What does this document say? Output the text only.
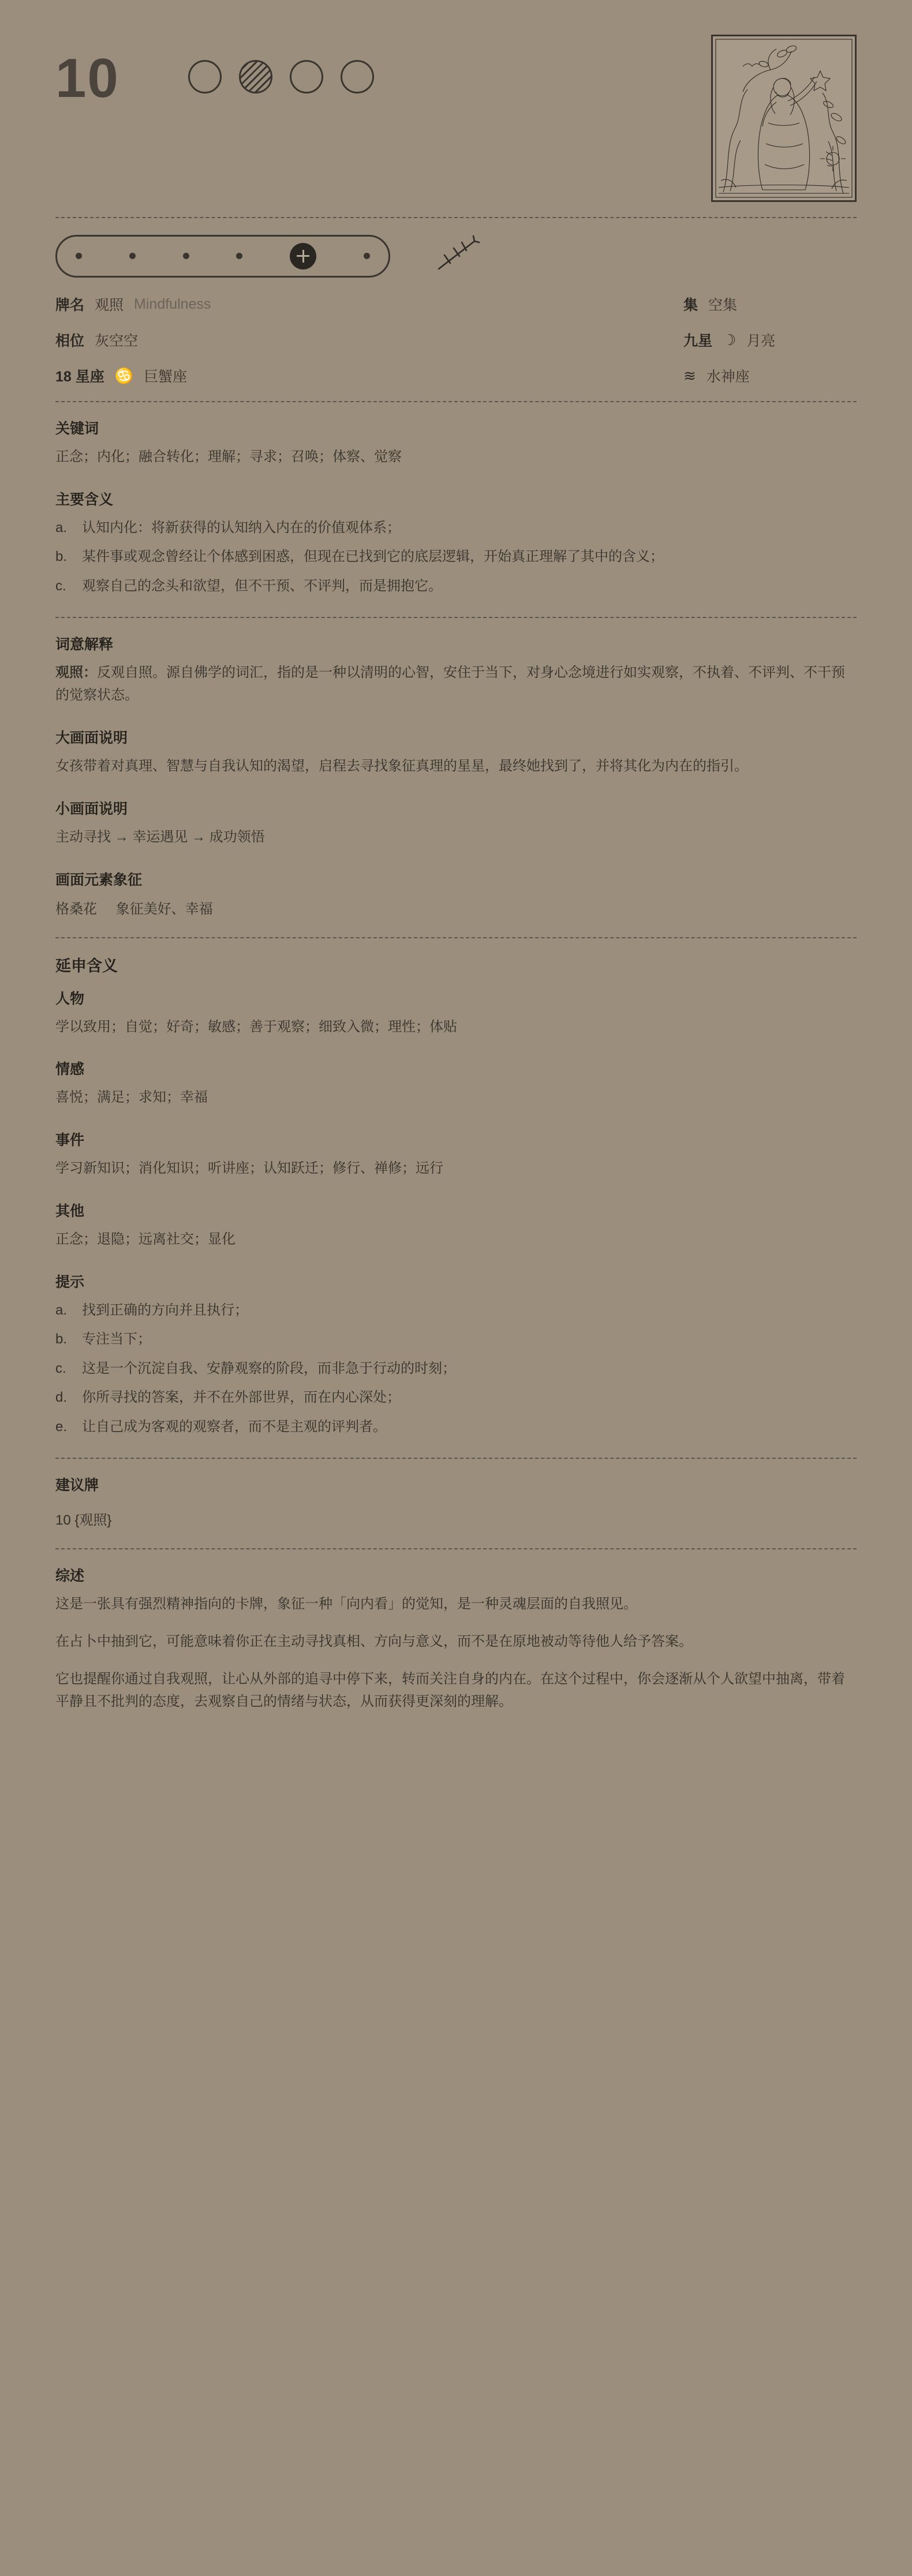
10
牌名 观照 Mindfulness	集 空集
相位 灰空空	九星 ☽ 月亮
18 星座 ♋ 巨蟹座	≋ 水神座
关键词

正念；内化；融合转化；理解；寻求；召唤；体察、觉察

主要含义
a.	认知内化：将新获得的认知纳入内在的价值观体系；
b.	某件事或观念曾经让个体感到困惑，但现在已找到它的底层逻辑，开始真正理解了其中的含义；
c.	观察自己的念头和欲望，但不干预、不评判，而是拥抱它。
词意解释

观照：反观自照。源自佛学的词汇，指的是一种以清明的心智，安住于当下，对身心念境进行如实观察，不执着、不评判、不干预的觉察状态。

大画面说明

女孩带着对真理、智慧与自我认知的渴望，启程去寻找象征真理的星星，最终她找到了，并将其化为内在的指引。

小画面说明

主动寻找 → 幸运遇见 → 成功领悟

画面元素象征
格桑花 象征美好、幸福
延申含义
人物

学以致用；自觉；好奇；敏感；善于观察；细致入微；理性；体贴

情感

喜悦；满足；求知；幸福

事件

学习新知识；消化知识；听讲座；认知跃迁；修行、禅修；远行

其他

正念；退隐；远离社交；显化

提示
a.	找到正确的方向并且执行；
b.	专注当下；
c.	这是一个沉淀自我、安静观察的阶段，而非急于行动的时刻；
d.	你所寻找的答案，并不在外部世界，而在内心深处；
e.	让自己成为客观的观察者，而不是主观的评判者。
建议牌

10 {观照}

综述

这是一张具有强烈精神指向的卡牌，象征一种「向内看」的觉知，是一种灵魂层面的自我照见。

在占卜中抽到它，可能意味着你正在主动寻找真相、方向与意义，而不是在原地被动等待他人给予答案。

它也提醒你通过自我观照，让心从外部的追寻中停下来，转而关注自身的内在。在这个过程中，你会逐渐从个人欲望中抽离，带着平静且不批判的态度，去观察自己的情绪与状态，从而获得更深刻的理解。
